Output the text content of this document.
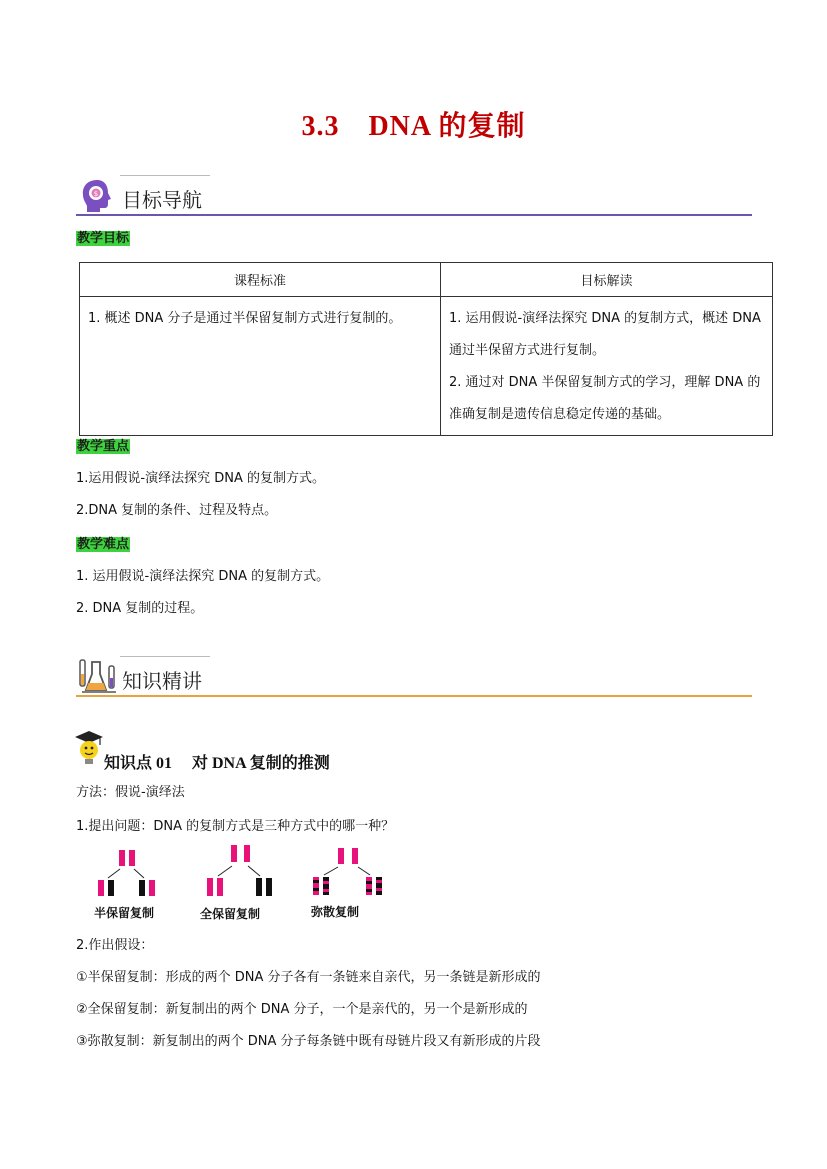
3.3　DNA 的复制
$ 目标导航
教学目标
课程标准	目标解读
1. 概述 DNA 分子是通过半保留复制方式进行复制的。	1. 运用假说-演绎法探究 DNA 的复制方式，概述 DNA 通过半保留方式进行复制。
2. 通过对 DNA 半保留复制方式的学习，理解 DNA 的准确复制是遗传信息稳定传递的基础。
教学重点
1.运用假说-演绎法探究 DNA 的复制方式。
2.DNA 复制的条件、过程及特点。
教学难点
1. 运用假说-演绎法探究 DNA 的复制方式。
2. DNA 复制的过程。
知识精讲
知识点 01　 对 DNA 复制的推测
方法：假说-演绎法
1.提出问题：DNA 的复制方式是三种方式中的哪一种？
半保留复制	全保留复制	弥散复制
2.作出假设：
①半保留复制：形成的两个 DNA 分子各有一条链来自亲代，另一条链是新形成的
②全保留复制：新复制出的两个 DNA 分子，一个是亲代的，另一个是新形成的
③弥散复制：新复制出的两个 DNA 分子每条链中既有母链片段又有新形成的片段
